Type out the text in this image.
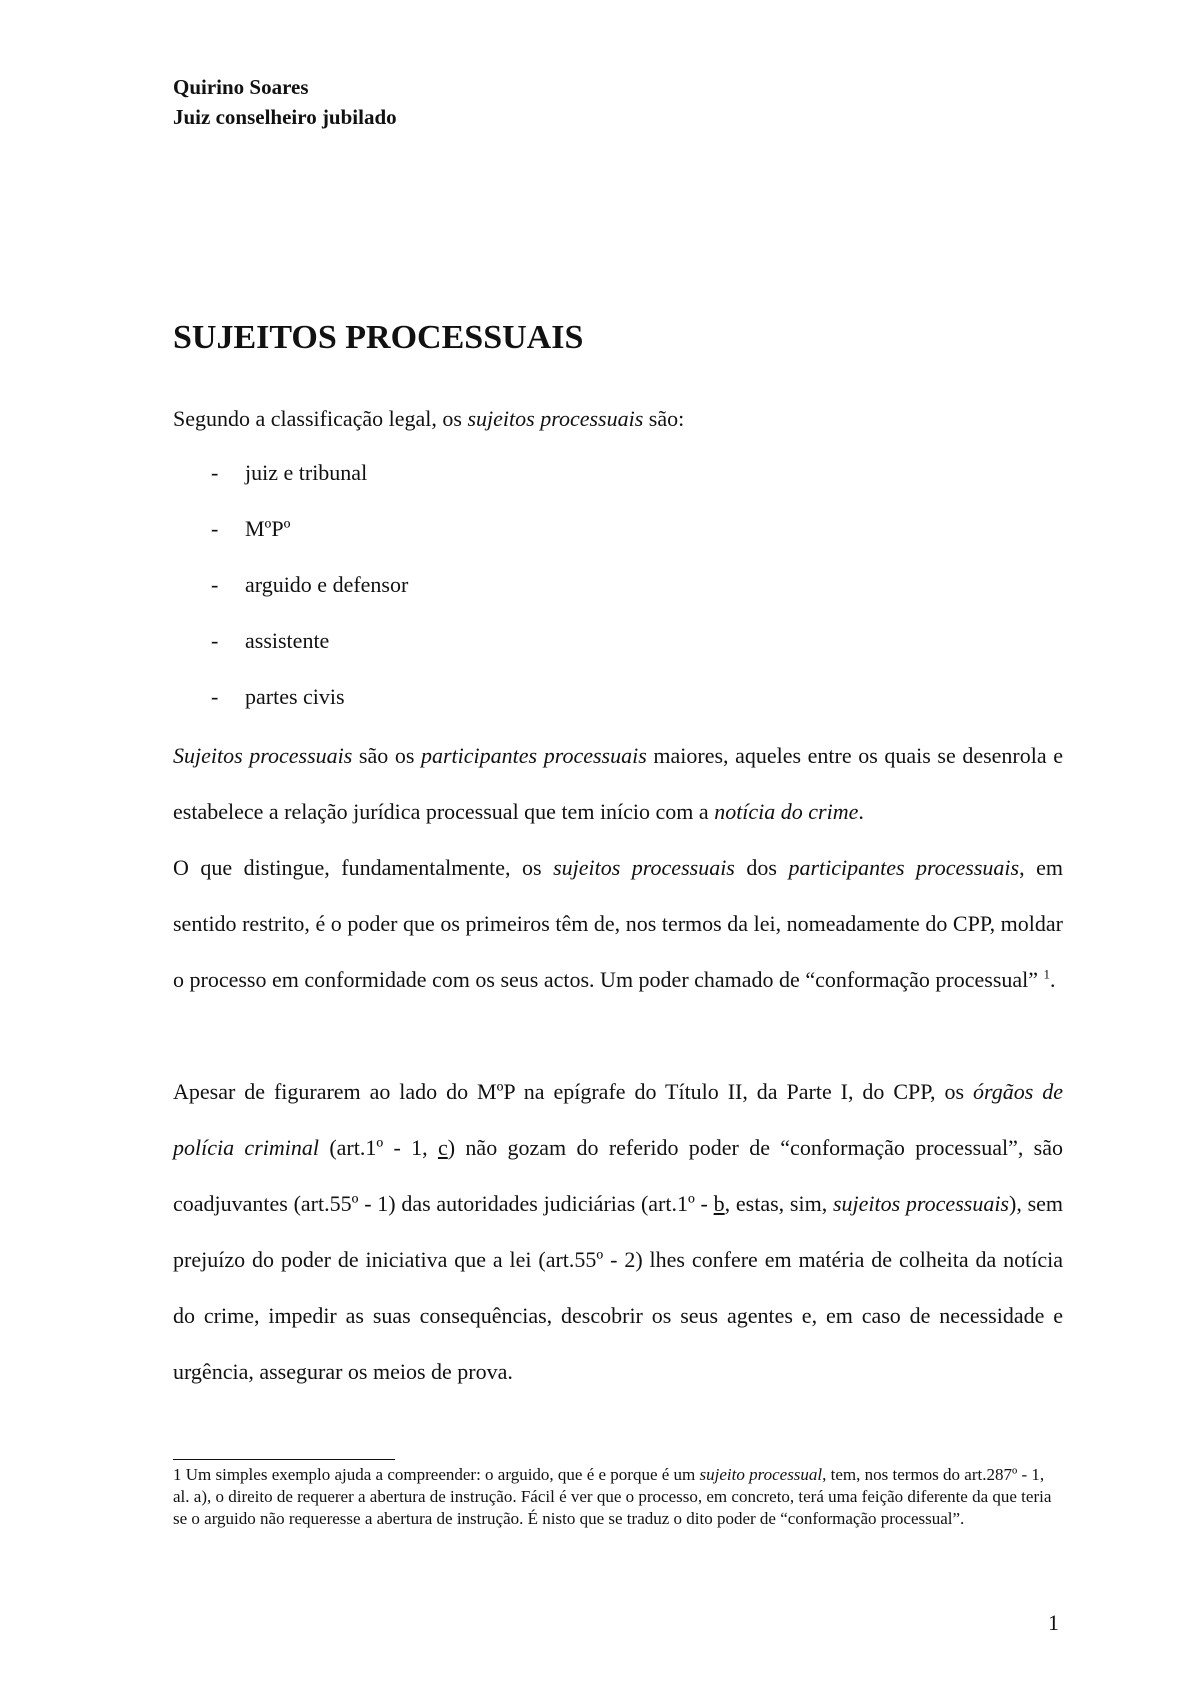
Quirino Soares
Juiz conselheiro jubilado
SUJEITOS PROCESSUAIS
Segundo a classificação legal, os sujeitos processuais são:
- juiz e tribunal
- MºPº
- arguido e defensor
- assistente
- partes civis

Sujeitos processuais são os participantes processuais maiores, aqueles entre os quais se desenrola e estabelece a relação jurídica processual que tem início com a notícia do crime.

O que distingue, fundamentalmente, os sujeitos processuais dos participantes processuais, em sentido restrito, é o poder que os primeiros têm de, nos termos da lei, nomeadamente do CPP, moldar o processo em conformidade com os seus actos. Um poder chamado de “conformação processual” $^1$.

Apesar de figurarem ao lado do MºP na epígrafe do Título II, da Parte I, do CPP, os órgãos de polícia criminal (art.1º - 1, c) não gozam do referido poder de “conformação processual”, são coadjuvantes (art.55º - 1) das autoridades judiciárias (art.1º - b, estas, sim, sujeitos processuais), sem prejuízo do poder de iniciativa que a lei (art.55º - 2) lhes confere em matéria de colheita da notícia do crime, impedir as suas consequências, descobrir os seus agentes e, em caso de necessidade e urgência, assegurar os meios de prova.

1 Um simples exemplo ajuda a compreender: o arguido, que é e porque é um sujeito processual, tem, nos termos do art.287º - 1, al. a), o direito de requerer a abertura de instrução. Fácil é ver que o processo, em concreto, terá uma feição diferente da que teria se o arguido não requeresse a abertura de instrução. É nisto que se traduz o dito poder de “conformação processual”.

1
